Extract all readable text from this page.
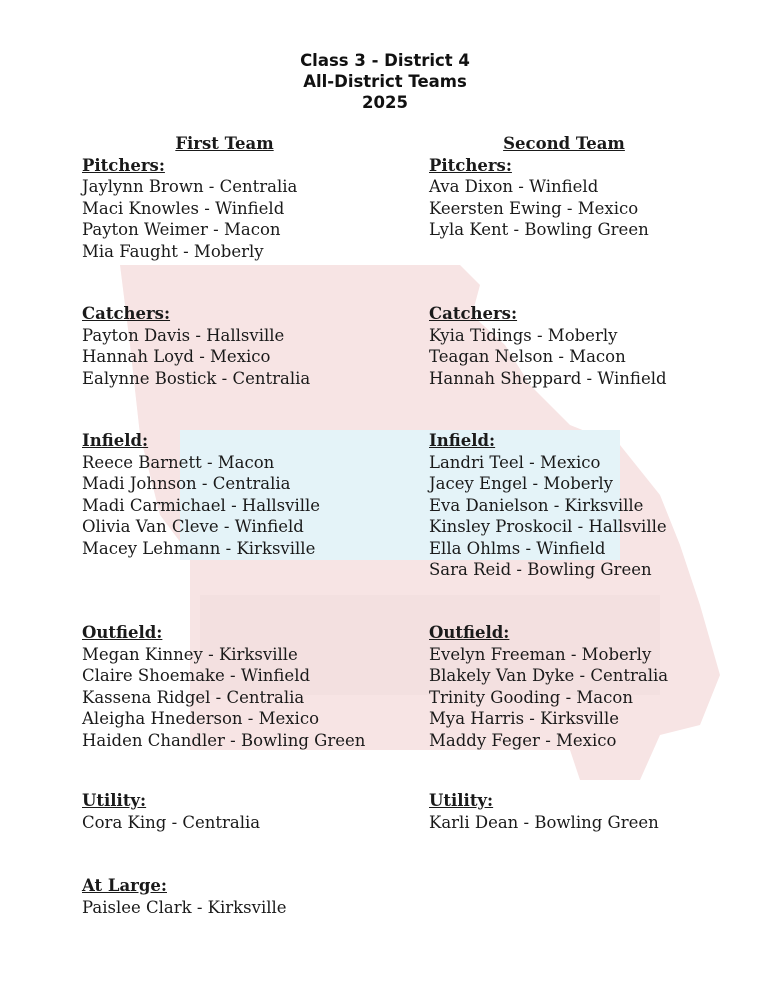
Class 3 - District 4
All-District Teams
2025
First Team
Pitchers:
Jaylynn Brown - Centralia
Maci Knowles - Winfield
Payton Weimer - Macon
Mia Faught - Moberly
Catchers:
Payton Davis - Hallsville
Hannah Loyd - Mexico
Ealynne Bostick - Centralia
Infield:
Reece Barnett - Macon
Madi Johnson - Centralia
Madi Carmichael - Hallsville
Olivia Van Cleve - Winfield
Macey Lehmann - Kirksville
Outfield:
Megan Kinney - Kirksville
Claire Shoemake - Winfield
Kassena Ridgel - Centralia
Aleigha Hnederson - Mexico
Haiden Chandler - Bowling Green
Utility:
Cora King - Centralia
At Large:
Paislee Clark - Kirksville
Second Team
Pitchers:
Ava Dixon - Winfield
Keersten Ewing - Mexico
Lyla Kent - Bowling Green
Catchers:
Kyia Tidings - Moberly
Teagan Nelson - Macon
Hannah Sheppard - Winfield
Infield:
Landri Teel - Mexico
Jacey Engel - Moberly
Eva Danielson - Kirksville
Kinsley Proskocil - Hallsville
Ella Ohlms - Winfield
Sara Reid - Bowling Green
Outfield:
Evelyn Freeman - Moberly
Blakely Van Dyke - Centralia
Trinity Gooding - Macon
Mya Harris - Kirksville
Maddy Feger - Mexico
Utility:
Karli Dean - Bowling Green
